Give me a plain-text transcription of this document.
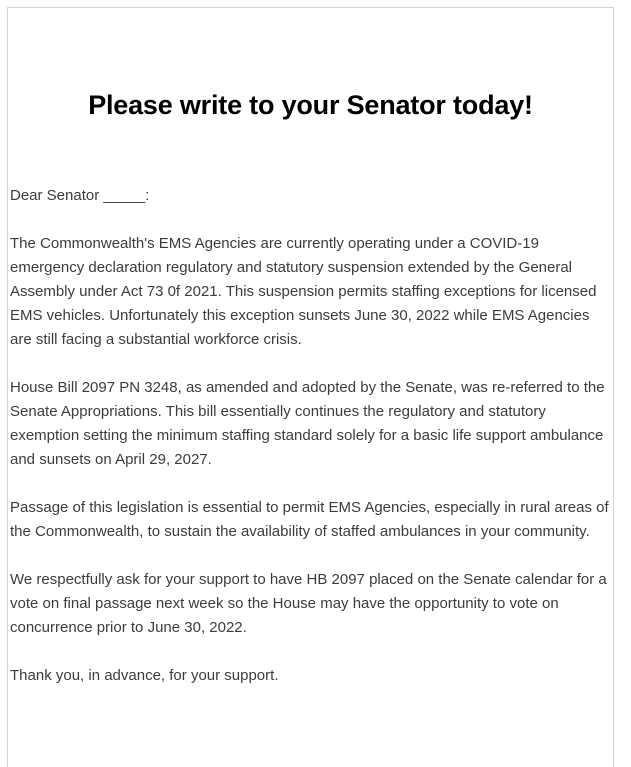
Please write to your Senator today!

Dear Senator _____:

The Commonwealth's EMS Agencies are currently operating under a COVID-19 emergency declaration regulatory and statutory suspension extended by the General Assembly under Act 73 0f 2021. This suspension permits staffing exceptions for licensed EMS vehicles. Unfortunately this exception sunsets June 30, 2022 while EMS Agencies are still facing a substantial workforce crisis.

House Bill 2097 PN 3248, as amended and adopted by the Senate, was re-referred to the Senate Appropriations. This bill essentially continues the regulatory and statutory exemption setting the minimum staffing standard solely for a basic life support ambulance and sunsets on April 29, 2027.

Passage of this legislation is essential to permit EMS Agencies, especially in rural areas of the Commonwealth, to sustain the availability of staffed ambulances in your community.

We respectfully ask for your support to have HB 2097 placed on the Senate calendar for a vote on final passage next week so the House may have the opportunity to vote on concurrence prior to June 30, 2022.

Thank you, in advance, for your support.
